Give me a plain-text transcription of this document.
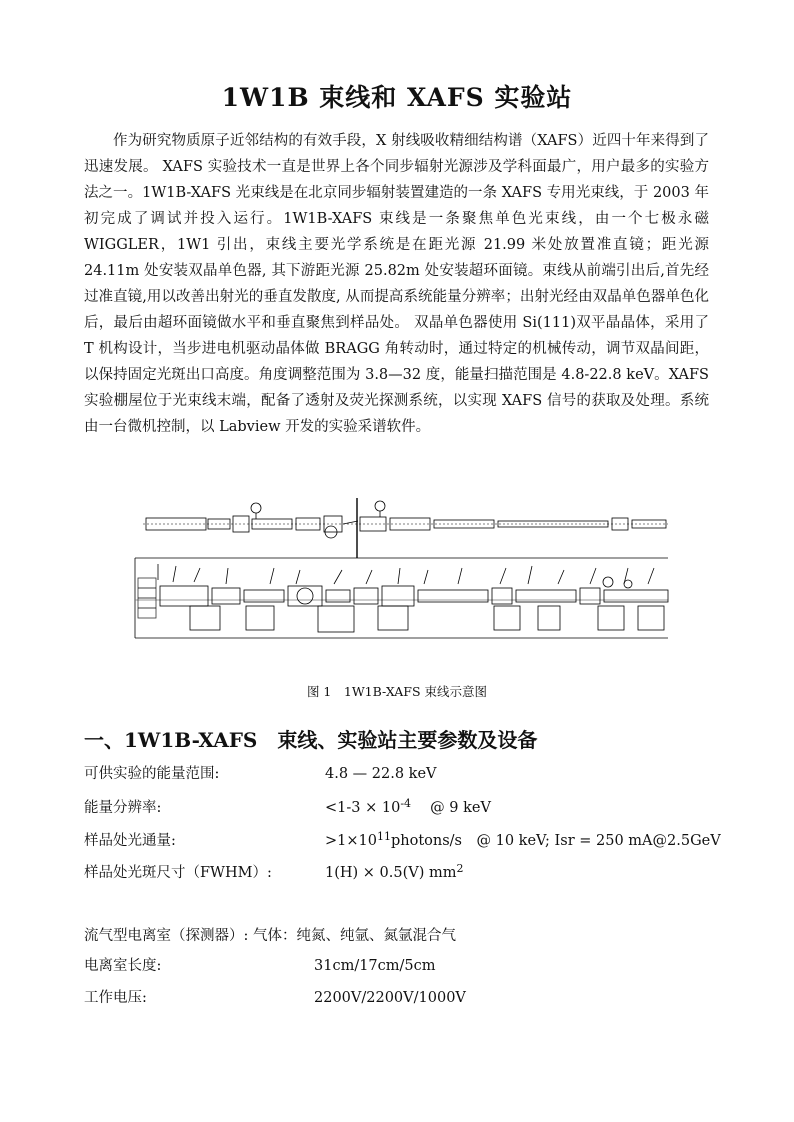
1W1B 束线和 XAFS 实验站

作为研究物质原子近邻结构的有效手段，X 射线吸收精细结构谱（XAFS）近四十年来得到了迅速发展。 XAFS 实验技术一直是世界上各个同步辐射光源涉及学科面最广，用户最多的实验方法之一。1W1B-XAFS 光束线是在北京同步辐射装置建造的一条 XAFS 专用光束线，于 2003 年初完成了调试并投入运行。1W1B-XAFS 束线是一条聚焦单色光束线，由一个七极永磁 WIGGLER，1W1 引出，束线主要光学系统是在距光源 21.99 米处放置准直镜；距光源 24.11m 处安装双晶单色器, 其下游距光源 25.82m 处安装超环面镜。束线从前端引出后,首先经过准直镜,用以改善出射光的垂直发散度, 从而提高系统能量分辨率；出射光经由双晶单色器单色化后，最后由超环面镜做水平和垂直聚焦到样品处。 双晶单色器使用 Si(111)双平晶晶体，采用了 T 机构设计，当步进电机驱动晶体做 BRAGG 角转动时，通过特定的机械传动，调节双晶间距，以保持固定光斑出口高度。角度调整范围为 3.8—32 度，能量扫描范围是 4.8-22.8 keV。XAFS 实验棚屋位于光束线末端，配备了透射及荧光探测系统，以实现 XAFS 信号的获取及处理。系统由一台微机控制，以 Labview 开发的实验采谱软件。

图 1　1W1B-XAFS 束线示意图
一、1W1B-XAFS　束线、实验站主要参数及设备
可供实验的能量范围:	4.8 — 22.8 keV
能量分辨率:	$<1-3 \times 10^{-4}$　 @ 9 keV
样品处光通量:	$>1\times 10^{11}photons/s$　@ 10 keV; Isr = 250 mA@2.5GeV
样品处光斑尺寸（FWHM）:	1(H) × 0.5(V) $mm^2$
流气型电离室（探测器）: 气体：纯氮、纯氩、氮氩混合气
电离室长度:	31cm/17cm/5cm
工作电压:	2200V/2200V/1000V
